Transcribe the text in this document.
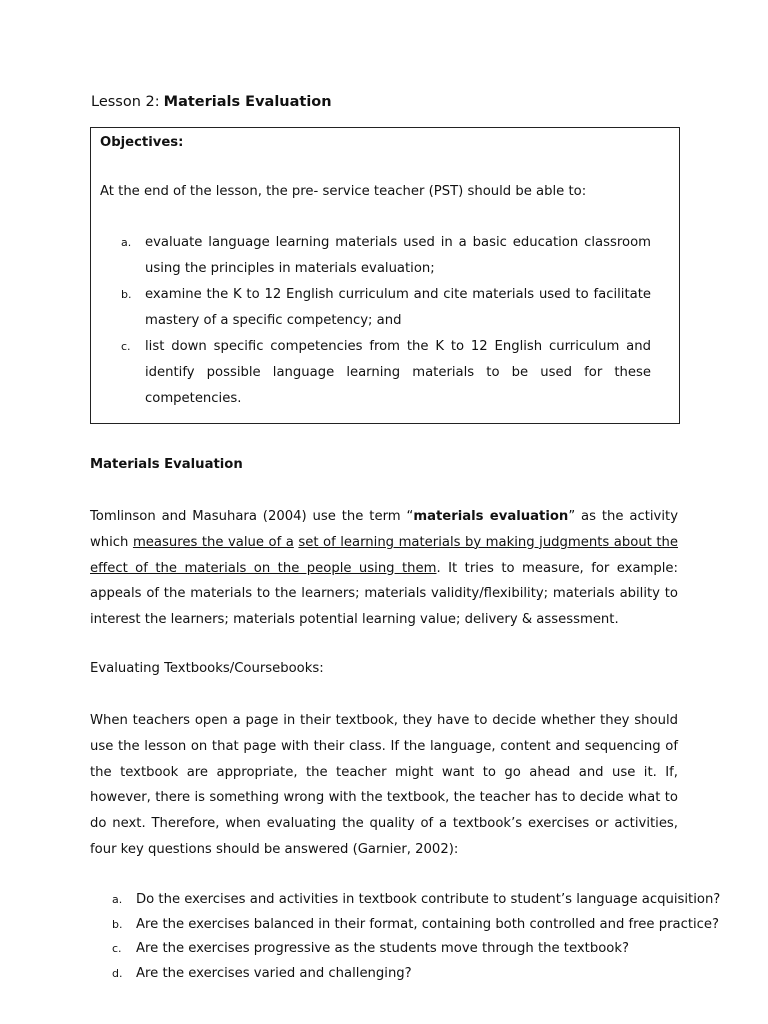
Lesson 2: Materials Evaluation
Objectives:
At the end of the lesson, the pre- service teacher (PST) should be able to:
a. evaluate language learning materials used in a basic education classroom using the principles in materials evaluation;
b. examine the K to 12 English curriculum and cite materials used to facilitate mastery of a specific competency; and
c. list down specific competencies from the K to 12 English curriculum and identify possible language learning materials to be used for these competencies.
Materials Evaluation

Tomlinson and Masuhara (2004) use the term “materials evaluation” as the activity which measures the value of a set of learning materials by making judgments about the effect of the materials on the people using them. It tries to measure, for example: appeals of the materials to the learners; materials validity/flexibility; materials ability to interest the learners; materials potential learning value; delivery & assessment.

Evaluating Textbooks/Coursebooks:

When teachers open a page in their textbook, they have to decide whether they should use the lesson on that page with their class. If the language, content and sequencing of the textbook are appropriate, the teacher might want to go ahead and use it. If, however, there is something wrong with the textbook, the teacher has to decide what to do next. Therefore, when evaluating the quality of a textbook’s exercises or activities, four key questions should be answered (Garnier, 2002):

a. Do the exercises and activities in textbook contribute to student’s language acquisition?
b. Are the exercises balanced in their format, containing both controlled and free practice?
c. Are the exercises progressive as the students move through the textbook?
d. Are the exercises varied and challenging?
